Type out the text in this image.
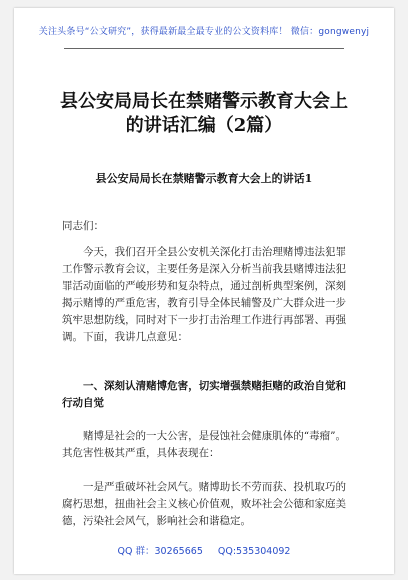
关注头条号“公文研究”，获得最新最全最专业的公文资料库！ 微信：gongwenyj
县公安局局长在禁赌警示教育大会上的讲话汇编（2篇）
县公安局局长在禁赌警示教育大会上的讲话1
同志们：
今天，我们召开全县公安机关深化打击治理赌博违法犯罪工作警示教育会议，主要任务是深入分析当前我县赌博违法犯罪活动面临的严峻形势和复杂特点，通过剖析典型案例，深刻揭示赌博的严重危害，教育引导全体民辅警及广大群众进一步筑牢思想防线，同时对下一步打击治理工作进行再部署、再强调。下面，我讲几点意见：
一、深刻认清赌博危害，切实增强禁赌拒赌的政治自觉和行动自觉
赌博是社会的一大公害，是侵蚀社会健康肌体的“毒瘤”。其危害性极其严重，具体表现在：
一是严重破坏社会风气。赌博助长不劳而获、投机取巧的腐朽思想，扭曲社会主义核心价值观，败坏社会公德和家庭美德，污染社会风气，影响社会和谐稳定。
QQ 群：30265665 QQ:535304092
